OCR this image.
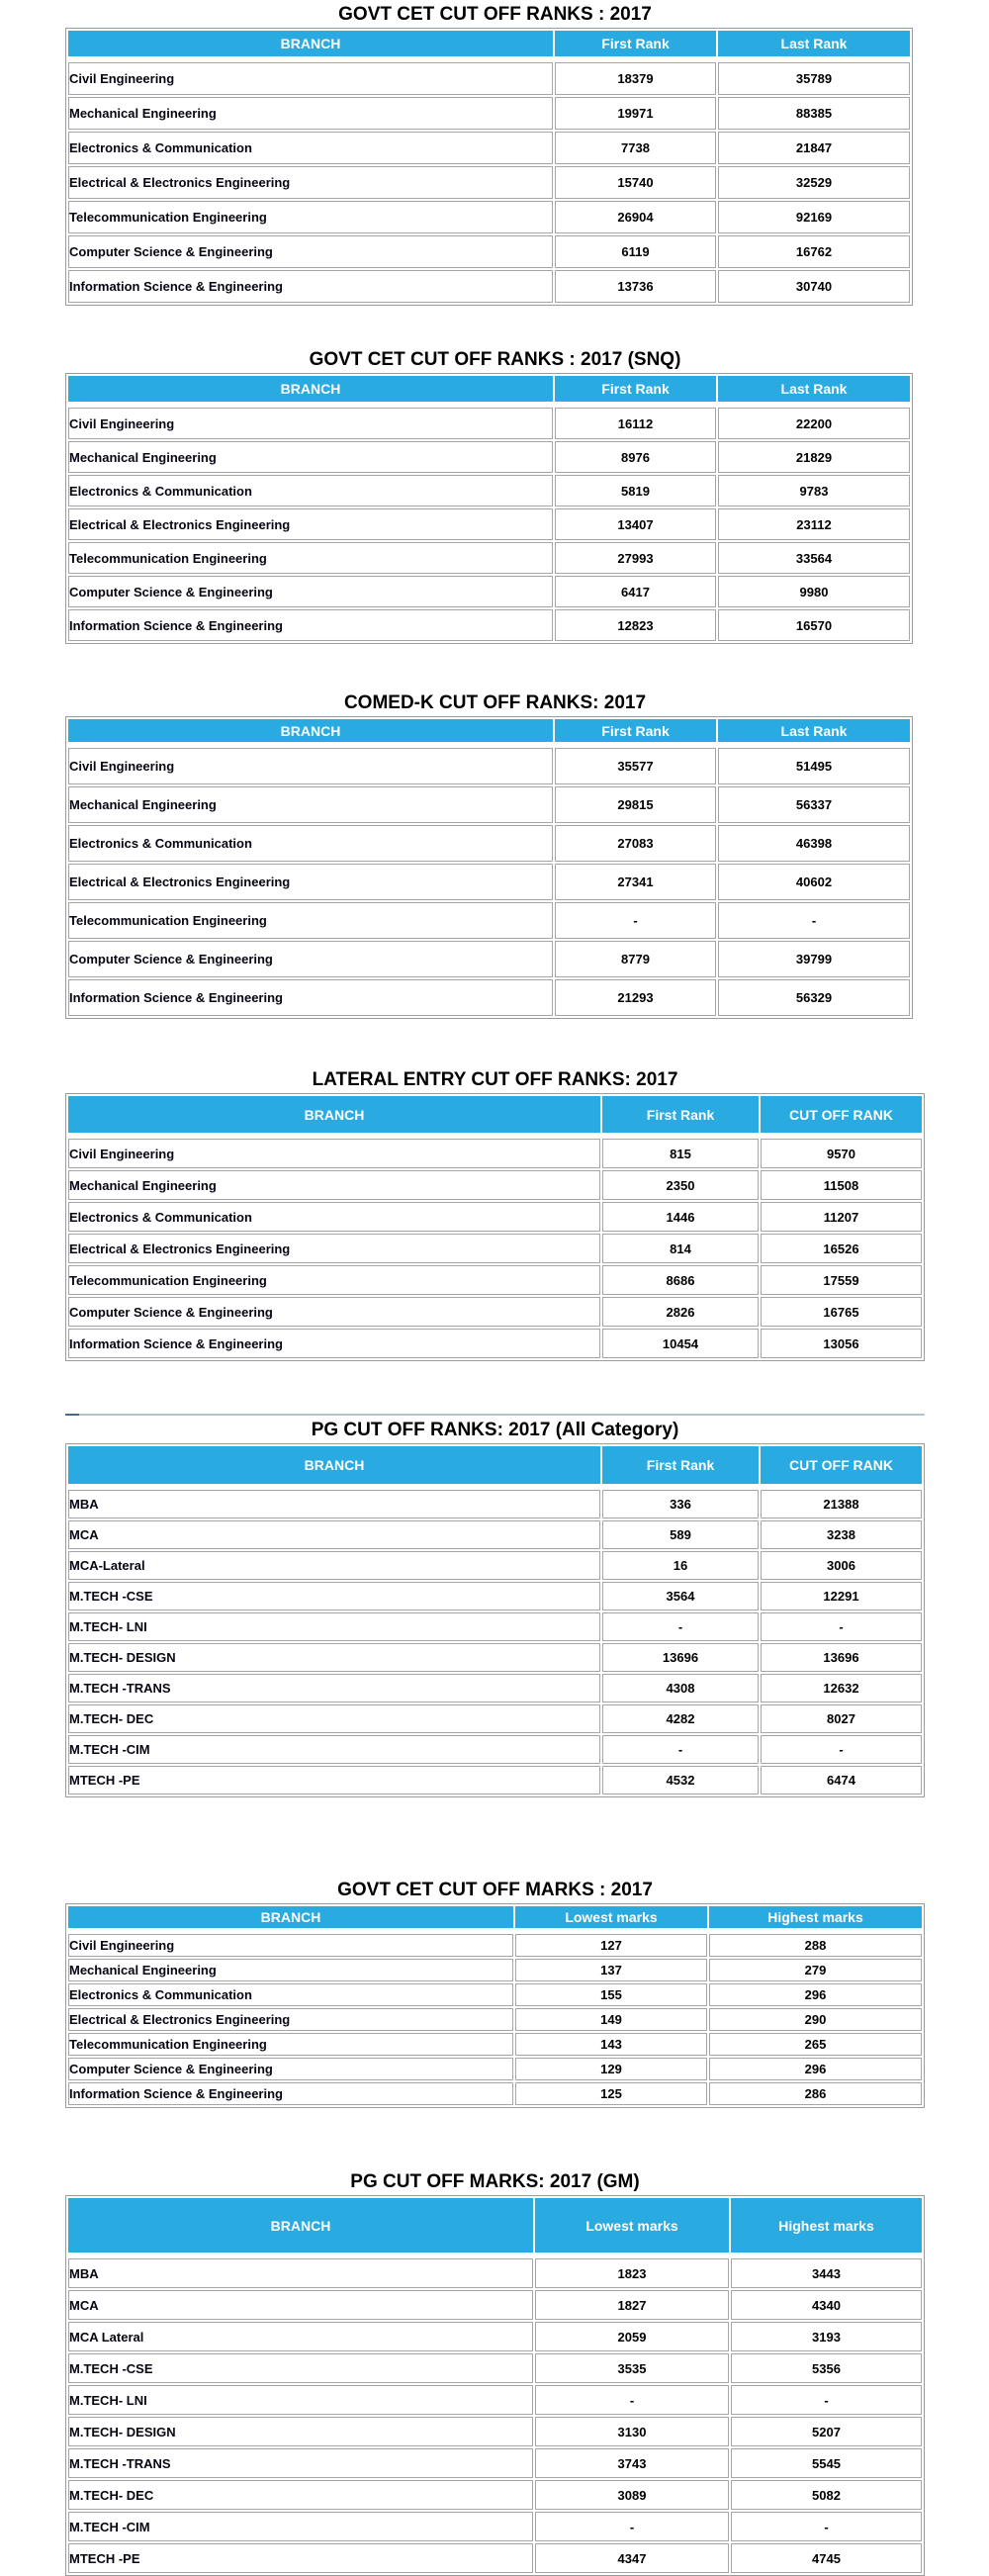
GOVT CET CUT OFF RANKS : 2017
BRANCH	First Rank	Last Rank
Civil Engineering	18379	35789
Mechanical Engineering	19971	88385
Electronics & Communication	7738	21847
Electrical & Electronics Engineering	15740	32529
Telecommunication Engineering	26904	92169
Computer Science & Engineering	6119	16762
Information Science & Engineering	13736	30740
GOVT CET CUT OFF RANKS : 2017 (SNQ)
BRANCH	First Rank	Last Rank
Civil Engineering	16112	22200
Mechanical Engineering	8976	21829
Electronics & Communication	5819	9783
Electrical & Electronics Engineering	13407	23112
Telecommunication Engineering	27993	33564
Computer Science & Engineering	6417	9980
Information Science & Engineering	12823	16570
COMED-K CUT OFF RANKS: 2017
BRANCH	First Rank	Last Rank
Civil Engineering	35577	51495
Mechanical Engineering	29815	56337
Electronics & Communication	27083	46398
Electrical & Electronics Engineering	27341	40602
Telecommunication Engineering	-	-
Computer Science & Engineering	8779	39799
Information Science & Engineering	21293	56329
LATERAL ENTRY CUT OFF RANKS: 2017
BRANCH	First Rank	CUT OFF RANK
Civil Engineering	815	9570
Mechanical Engineering	2350	11508
Electronics & Communication	1446	11207
Electrical & Electronics Engineering	814	16526
Telecommunication Engineering	8686	17559
Computer Science & Engineering	2826	16765
Information Science & Engineering	10454	13056
PG CUT OFF RANKS: 2017 (All Category)
BRANCH	First Rank	CUT OFF RANK
MBA	336	21388
MCA	589	3238
MCA-Lateral	16	3006
M.TECH -CSE	3564	12291
M.TECH- LNI	-	-
M.TECH- DESIGN	13696	13696
M.TECH -TRANS	4308	12632
M.TECH- DEC	4282	8027
M.TECH -CIM	-	-
MTECH -PE	4532	6474
GOVT CET CUT OFF MARKS : 2017
BRANCH	Lowest marks	Highest marks
Civil Engineering	127	288
Mechanical Engineering	137	279
Electronics & Communication	155	296
Electrical & Electronics Engineering	149	290
Telecommunication Engineering	143	265
Computer Science & Engineering	129	296
Information Science & Engineering	125	286
PG CUT OFF MARKS: 2017 (GM)
BRANCH	Lowest marks	Highest marks
MBA	1823	3443
MCA	1827	4340
MCA Lateral	2059	3193
M.TECH -CSE	3535	5356
M.TECH- LNI	-	-
M.TECH- DESIGN	3130	5207
M.TECH -TRANS	3743	5545
M.TECH- DEC	3089	5082
M.TECH -CIM	-	-
MTECH -PE	4347	4745
